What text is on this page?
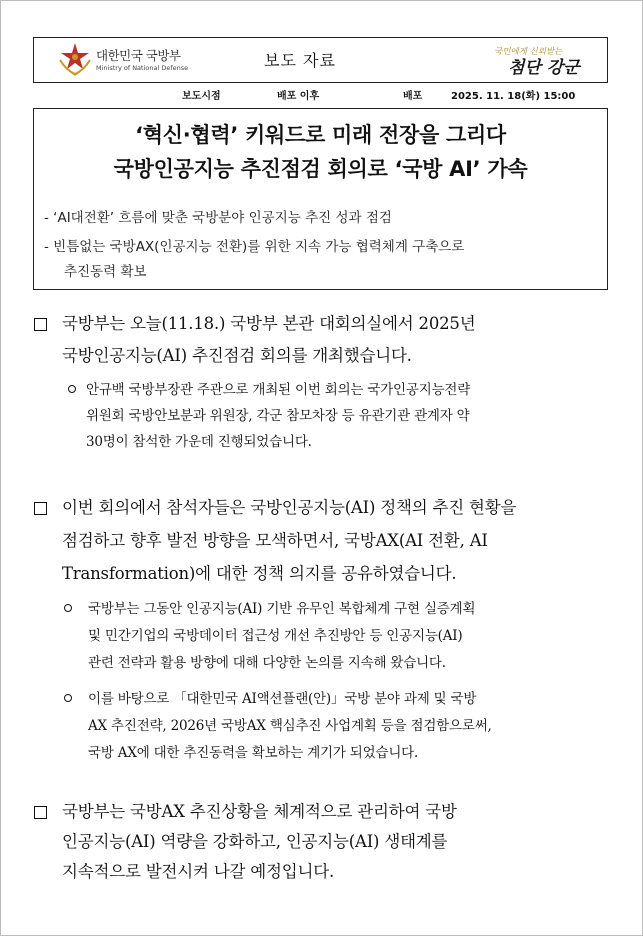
대한민국 국방부
Ministry of National Defense	보도 자료	국민에게 신뢰받는
첨단 강군
보도시점	배포 이후	배포	2025. 11. 18(화) 15:00
‘혁신·협력’ 키워드로 미래 전장을 그리다
국방인공지능 추진점검 회의로 ‘국방 AI’ 가속
- ‘AI대전환’ 흐름에 맞춘 국방분야 인공지능 추진 성과 점검
- 빈틈없는 국방AX(인공지능 전환)를 위한 지속 가능 협력체계 구축으로
추진동력 확보
국방부는 오늘(11.18.) 국방부 본관 대회의실에서 2025년
국방인공지능(AI) 추진점검 회의를 개최했습니다.
안규백 국방부장관 주관으로 개최된 이번 회의는 국가인공지능전략
위원회 국방안보분과 위원장, 각군 참모차장 등 유관기관 관계자 약
30명이 참석한 가운데 진행되었습니다.
이번 회의에서 참석자들은 국방인공지능(AI) 정책의 추진 현황을
점검하고 향후 발전 방향을 모색하면서, 국방AX(AI 전환, AI
Transformation)에 대한 정책 의지를 공유하였습니다.
국방부는 그동안 인공지능(AI) 기반 유무인 복합체계 구현 실증계획
및 민간기업의 국방데이터 접근성 개선 추진방안 등 인공지능(AI)
관련 전략과 활용 방향에 대해 다양한 논의를 지속해 왔습니다.
이를 바탕으로 「대한민국 AI액션플랜(안)」국방 분야 과제 및 국방
AX 추진전략, 2026년 국방AX 핵심추진 사업계획 등을 점검함으로써,
국방 AX에 대한 추진동력을 확보하는 계기가 되었습니다.
국방부는 국방AX 추진상황을 체계적으로 관리하여 국방
인공지능(AI) 역량을 강화하고, 인공지능(AI) 생태계를
지속적으로 발전시켜 나갈 예정입니다.
